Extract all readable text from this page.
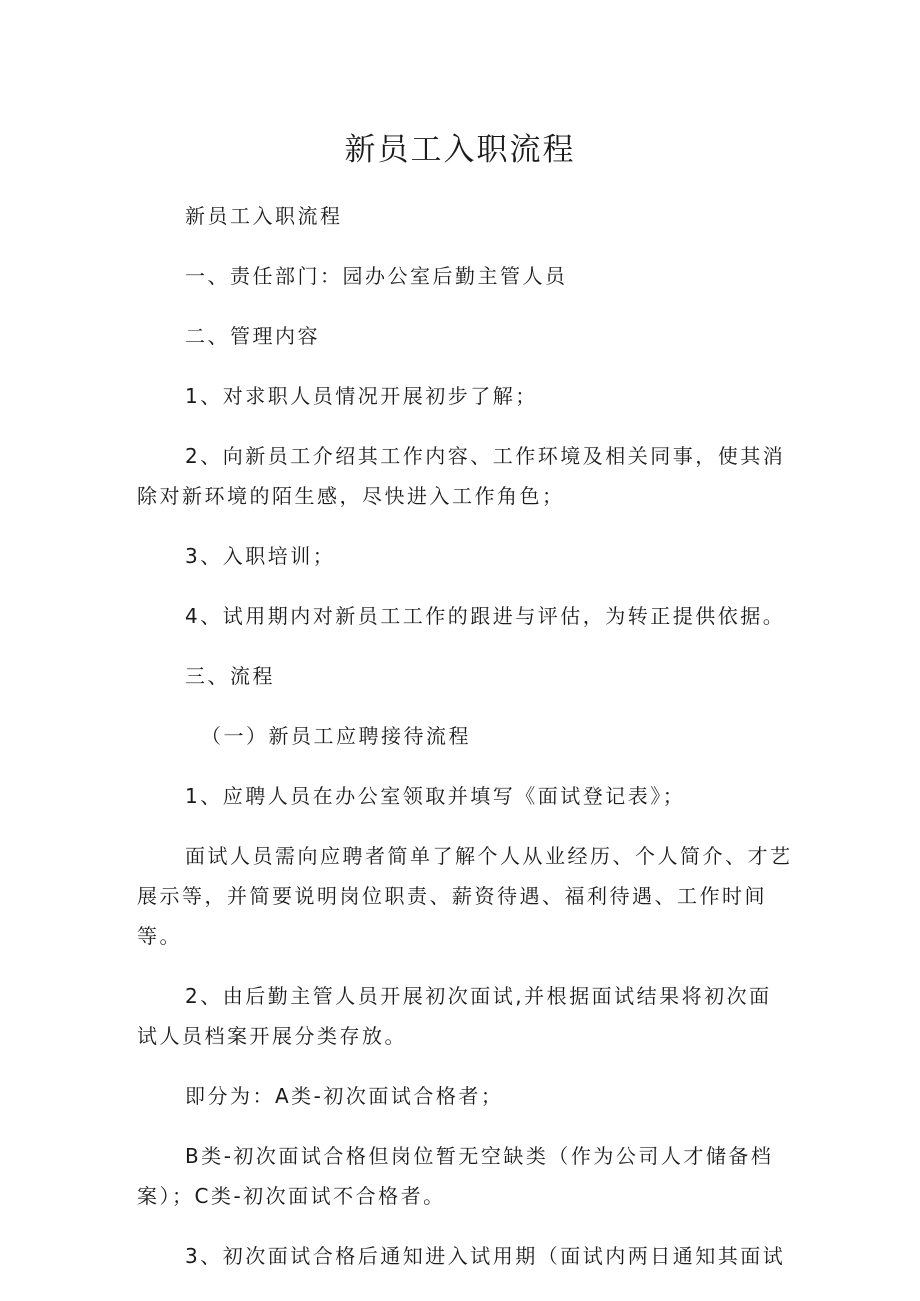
新员工入职流程

新员工入职流程

一、责任部门：园办公室后勤主管人员

二、管理内容

1、对求职人员情况开展初步了解；

2、向新员工介绍其工作内容、工作环境及相关同事，使其消除对新环境的陌生感，尽快进入工作角色；

3、入职培训；

4、试用期内对新员工工作的跟进与评估，为转正提供依据。

三、流程

（一）新员工应聘接待流程

1、应聘人员在办公室领取并填写《面试登记表》；

面试人员需向应聘者简单了解个人从业经历、个人简介、才艺展示等，并简要说明岗位职责、薪资待遇、福利待遇、工作时间等。

2、由后勤主管人员开展初次面试,并根据面试结果将初次面试人员档案开展分类存放。

即分为：A类-初次面试合格者；

B类-初次面试合格但岗位暂无空缺类（作为公司人才储备档案）；C类-初次面试不合格者。

3、初次面试合格后通知进入试用期（面试内两日通知其面试
